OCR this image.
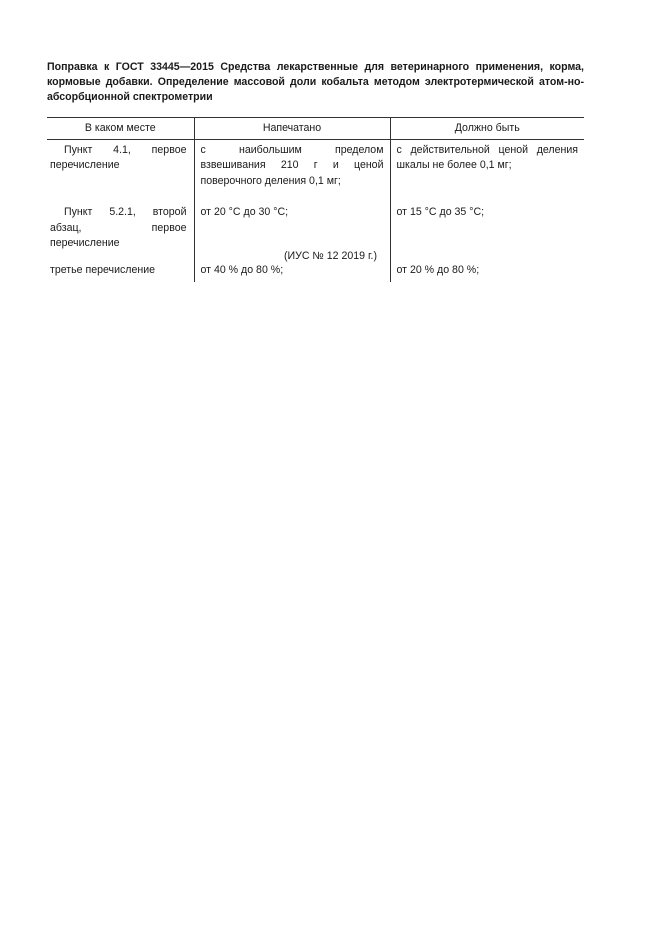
Поправка к ГОСТ 33445—2015 Средства лекарственные для ветеринарного применения, корма, кормовые добавки. Определение массовой доли кобальта методом электротермической атом-но-абсорбционной спектрометрии

В каком месте	Напечатано	Должно быть
Пункт 4.1, первое перечисление	с наибольшим пределом взвешивания 210 г и ценой поверочного деления 0,1 мг;	с действительной ценой деления шкалы не более 0,1 мг;
Пункт 5.2.1, второй абзац, первое перечисление	от 20 °С до 30 °С;	от 15 °С до 35 °С;
третье перечисление	от 40 % до 80 %;	от 20 % до 80 %;

(ИУС № 12 2019 г.)
